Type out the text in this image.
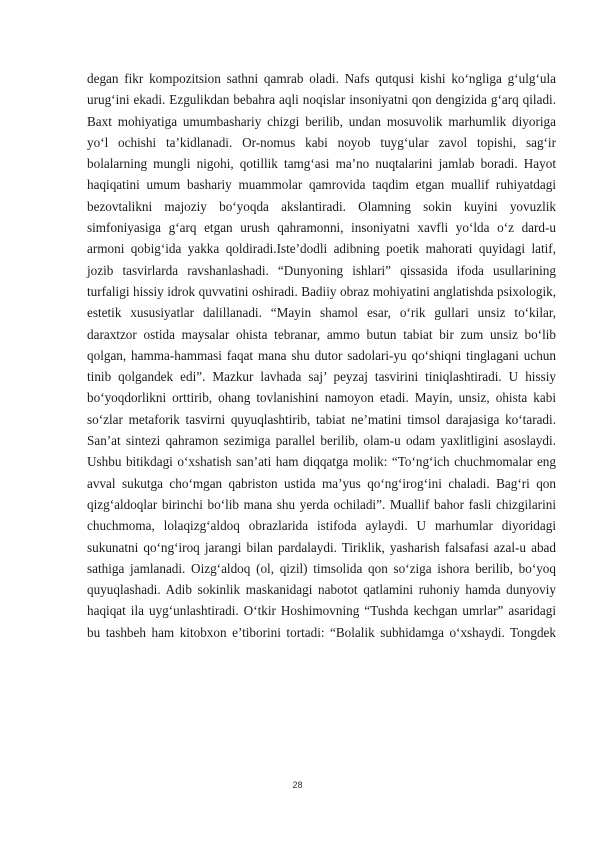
degan fikr kompozitsion sathni qamrab oladi. Nafs qutqusi kishi ko‘ngliga g‘ulg‘ula urug‘ini ekadi. Ezgulikdan bebahra aqli noqislar insoniyatni qon dengizida g‘arq qiladi. Baxt mohiyatiga umumbashariy chizgi berilib, undan mosuvolik marhumlik diyoriga yo‘l ochishi ta’kidlanadi. Or-nomus kabi noyob tuyg‘ular zavol topishi, sag‘ir bolalarning mungli nigohi, qotillik tamg‘asi ma’no nuqtalarini jamlab boradi. Hayot haqiqatini umum bashariy muammolar qamrovida taqdim etgan muallif ruhiyatdagi bezovtalikni majoziy bo‘yoqda akslantiradi. Olamning sokin kuyini yovuzlik simfoniyasiga g‘arq etgan urush qahramonni, insoniyatni xavfli yo‘lda o‘z dard-u armoni qobig‘ida yakka qoldiradi.Iste’dodli adibning poetik mahorati quyidagi latif, jozib tasvirlarda ravshanlashadi. “Dunyoning ishlari” qissasida ifoda usullarining turfaligi hissiy idrok quvvatini oshiradi. Badiiy obraz mohiyatini anglatishda psixologik, estetik xususiyatlar dalillanadi. “Mayin shamol esar, o‘rik gullari unsiz to‘kilar, daraxtzor ostida maysalar ohista tebranar, ammo butun tabiat bir zum unsiz bo‘lib qolgan, hamma-hammasi faqat mana shu dutor sadolari-yu qo‘shiqni tinglagani uchun tinib qolgandek edi”. Mazkur lavhada saj’ peyzaj tasvirini tiniqlashtiradi. U hissiy bo‘yoqdorlikni orttirib, ohang tovlanishini namoyon etadi. Mayin, unsiz, ohista kabi so‘zlar metaforik tasvirni quyuqlashtirib, tabiat ne’matini timsol darajasiga ko‘taradi. San’at sintezi qahramon sezimiga parallel berilib, olam-u odam yaxlitligini asoslaydi. Ushbu bitikdagi o‘xshatish san’ati ham diqqatga molik: “To‘ng‘ich chuchmomalar eng avval sukutga cho‘mgan qabriston ustida ma’yus qo‘ng‘irog‘ini chaladi. Bag‘ri qon qizg‘aldoqlar birinchi bo‘lib mana shu yerda ochiladi”. Muallif bahor fasli chizgilarini chuchmoma, lolaqizg‘aldoq obrazlarida istifoda aylaydi. U marhumlar diyoridagi sukunatni qo‘ng‘iroq jarangi bilan pardalaydi. Tiriklik, yasharish falsafasi azal-u abad sathiga jamlanadi. Oizg‘aldoq (ol, qizil) timsolida qon so‘ziga ishora berilib, bo‘yoq quyuqlashadi. Adib sokinlik maskanidagi nabotot qatlamini ruhoniy hamda dunyoviy haqiqat ila uyg‘unlashtiradi. O‘tkir Hoshimovning “Tushda kechgan umrlar” asaridagi bu tashbeh ham kitobxon e’tiborini tortadi: “Bolalik subhidamga o‘xshaydi. Tongdek

28
